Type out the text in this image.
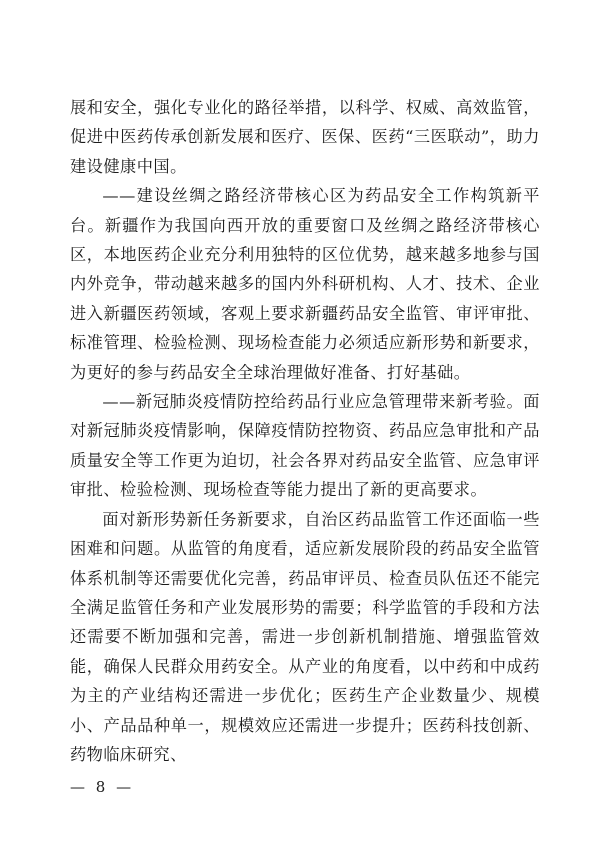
展和安全，强化专业化的路径举措，以科学、权威、高效监管，促进中医药传承创新发展和医疗、医保、医药“三医联动”，助力建设健康中国。

——建设丝绸之路经济带核心区为药品安全工作构筑新平台。新疆作为我国向西开放的重要窗口及丝绸之路经济带核心区，本地医药企业充分利用独特的区位优势，越来越多地参与国内外竞争，带动越来越多的国内外科研机构、人才、技术、企业进入新疆医药领域，客观上要求新疆药品安全监管、审评审批、标准管理、检验检测、现场检查能力必须适应新形势和新要求，为更好的参与药品安全全球治理做好准备、打好基础。

——新冠肺炎疫情防控给药品行业应急管理带来新考验。面对新冠肺炎疫情影响，保障疫情防控物资、药品应急审批和产品质量安全等工作更为迫切，社会各界对药品安全监管、应急审评审批、检验检测、现场检查等能力提出了新的更高要求。

面对新形势新任务新要求，自治区药品监管工作还面临一些困难和问题。从监管的角度看，适应新发展阶段的药品安全监管体系机制等还需要优化完善，药品审评员、检查员队伍还不能完全满足监管任务和产业发展形势的需要；科学监管的手段和方法还需要不断加强和完善，需进一步创新机制措施、增强监管效能，确保人民群众用药安全。从产业的角度看，以中药和中成药为主的产业结构还需进一步优化；医药生产企业数量少、规模小、产品品种单一，规模效应还需进一步提升；医药科技创新、药物临床研究、

— 8 —
